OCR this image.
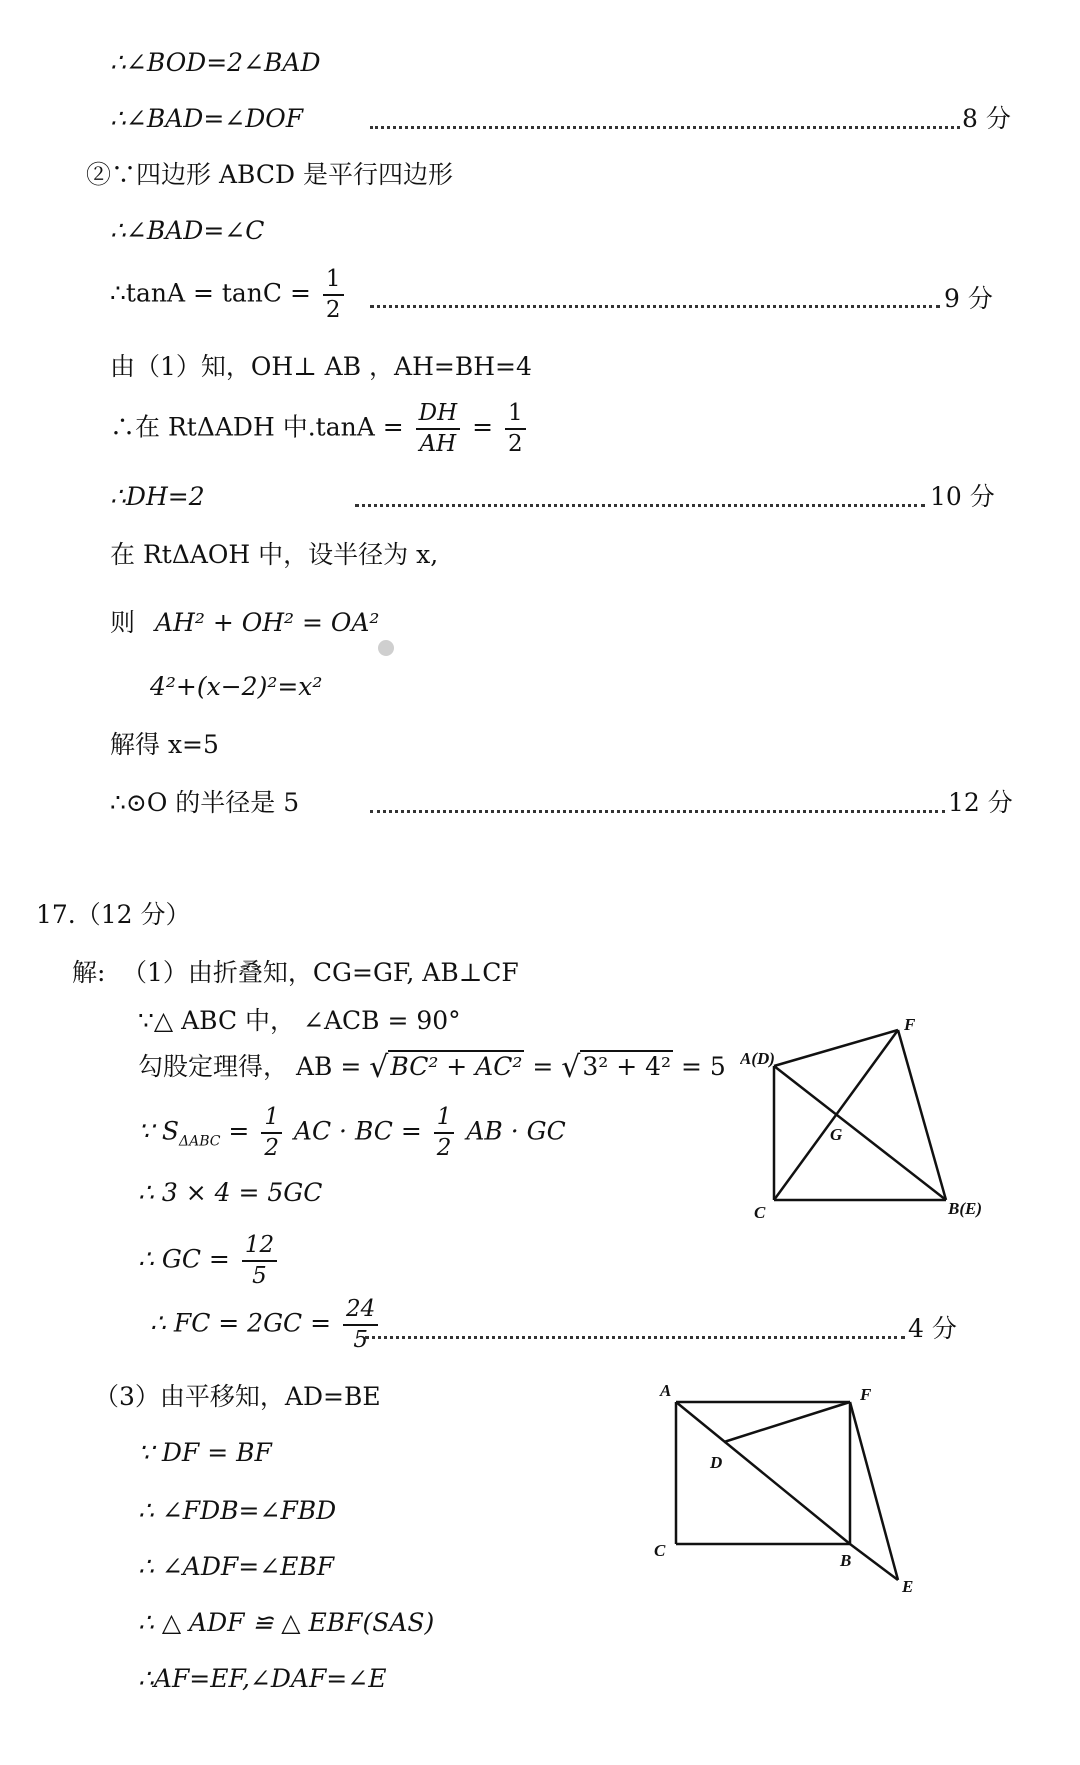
∴∠BOD=2∠BAD
∴∠BAD=∠DOF	8 分
②∵四边形 ABCD 是平行四边形
∴∠BAD=∠C
∴tanA = $\tan C = \frac{1}{2}$	9 分
由（1）知，OH⊥ AB ，AH=BH=4
∴在 RtΔADH 中$.\tan A = \frac{DH}{AH} = \frac{1}{2}$
∴DH=2	10 分
在 RtΔAOH 中，设半径为 x,
则 AH² + OH² = OA²
4²+(x−2)²=x²
解得 x=5
∴⊙O 的半径是 5	12 分
17.（12 分）
解: （1）由折叠知，CG=GF, AB⊥CF
∵△ ABC 中， ∠ACB = 90°
勾股定理得， AB = √BC² + AC² = √3² + 4² = 5
∵ $S_{\Delta ABC} = \frac{1}{2}$ AC · BC = $\frac{1}{2}$ AB · GC
∴ 3 × 4 = 5GC
∴ GC = $\frac{12}{5}$
∴ FC = $2GC = \frac{24}{5}$	4 分
（3）由平移知，AD=BE
∵ DF = BF
∴ ∠FDB=∠FBD
∴ ∠ADF=∠EBF
∴ △ ADF ≌ △ EBF(SAS)
∴AF=EF,∠DAF=∠E
A(D)
F
G
C	B(E)
A	F
D
C
B
E
